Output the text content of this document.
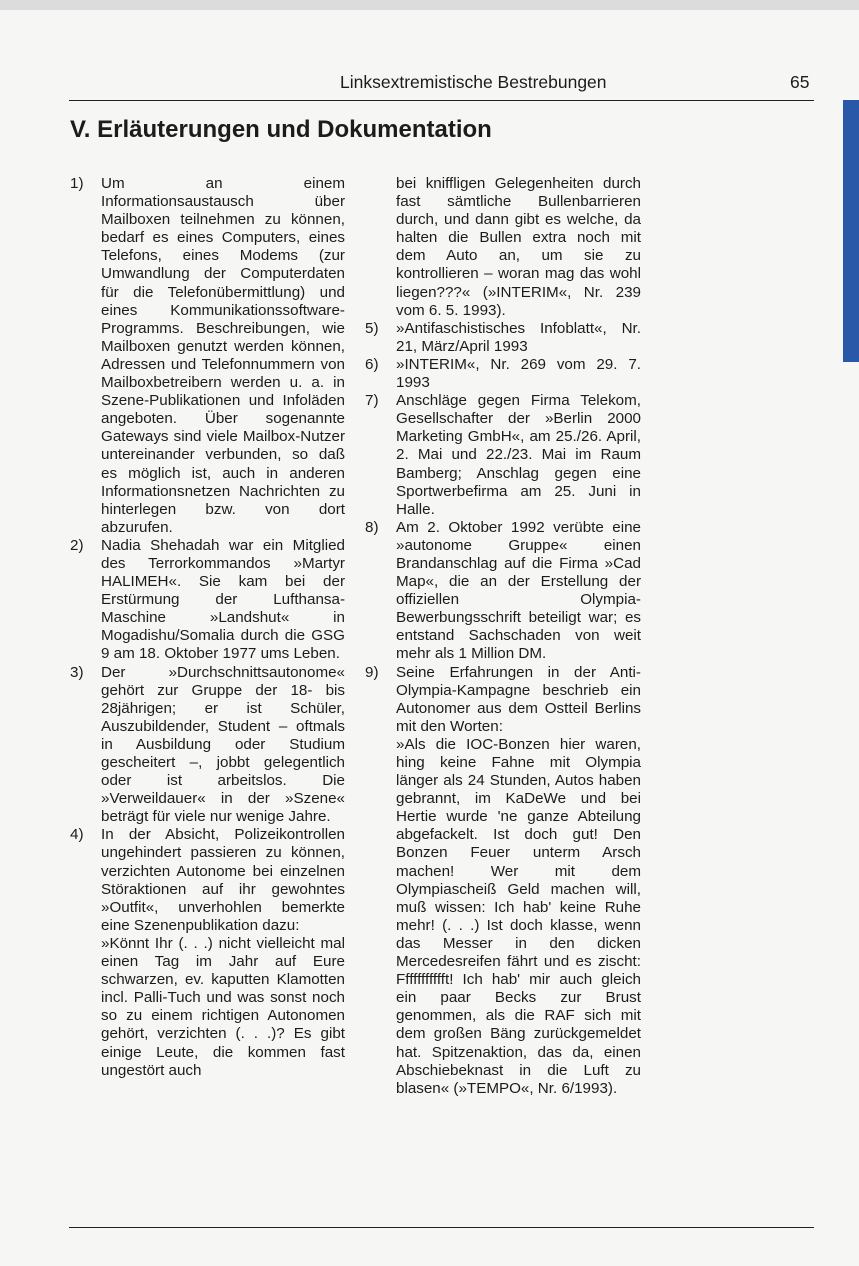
Linksextremistische Bestrebungen	65
V. Erläuterungen und Dokumentation
1) Um an einem Informationsaustausch über Mailboxen teilnehmen zu können, bedarf es eines Computers, eines Telefons, eines Modems (zur Umwandlung der Computerdaten für die Telefonübermittlung) und eines Kommunikationssoftware-Programms. Beschreibungen, wie Mailboxen genutzt werden können, Adressen und Telefonnummern von Mailboxbetreibern werden u. a. in Szene-Publikationen und Infoläden angeboten. Über sogenannte Gateways sind viele Mailbox-Nutzer untereinander verbunden, so daß es möglich ist, auch in anderen Informationsnetzen Nachrichten zu hinterlegen bzw. von dort abzurufen.

2) Nadia Shehadah war ein Mitglied des Terrorkommandos »Martyr HALIMEH«. Sie kam bei der Erstürmung der Lufthansa-Maschine »Landshut« in Mogadishu/Somalia durch die GSG 9 am 18. Oktober 1977 ums Leben.

3) Der »Durchschnittsautonome« gehört zur Gruppe der 18- bis 28jährigen; er ist Schüler, Auszubildender, Student – oftmals in Ausbildung oder Studium gescheitert –, jobbt gelegentlich oder ist arbeitslos. Die »Verweildauer« in der »Szene« beträgt für viele nur wenige Jahre.

4) In der Absicht, Polizeikontrollen ungehindert passieren zu können, verzichten Autonome bei einzelnen Störaktionen auf ihr gewohntes »Outfit«, unverhohlen bemerkte eine Szenenpublikation dazu:

»Könnt Ihr (. . .) nicht vielleicht mal einen Tag im Jahr auf Eure schwarzen, ev. kaputten Klamotten incl. Palli-Tuch und was sonst noch so zu einem richtigen Autonomen gehört, verzichten (. . .)? Es gibt einige Leute, die kommen fast ungestört auch

bei kniffligen Gelegenheiten durch fast sämtliche Bullenbarrieren durch, und dann gibt es welche, da halten die Bullen extra noch mit dem Auto an, um sie zu kontrollieren – woran mag das wohl liegen???« (»INTERIM«, Nr. 239 vom 6. 5. 1993).

5) »Antifaschistisches Infoblatt«, Nr. 21, März/April 1993

6) »INTERIM«, Nr. 269 vom 29. 7. 1993

7) Anschläge gegen Firma Telekom, Gesellschafter der »Berlin 2000 Marketing GmbH«, am 25./26. April, 2. Mai und 22./23. Mai im Raum Bamberg; Anschlag gegen eine Sportwerbefirma am 25. Juni in Halle.

8) Am 2. Oktober 1992 verübte eine »autonome Gruppe« einen Brandanschlag auf die Firma »Cad Map«, die an der Erstellung der offiziellen Olympia-Bewerbungsschrift beteiligt war; es entstand Sachschaden von weit mehr als 1 Million DM.

9) Seine Erfahrungen in der Anti-Olympia-Kampagne beschrieb ein Autonomer aus dem Ostteil Berlins mit den Worten:

»Als die IOC-Bonzen hier waren, hing keine Fahne mit Olympia länger als 24 Stunden, Autos haben gebrannt, im KaDeWe und bei Hertie wurde 'ne ganze Abteilung abgefackelt. Ist doch gut! Den Bonzen Feuer unterm Arsch machen! Wer mit dem Olympiascheiß Geld machen will, muß wissen: Ich hab' keine Ruhe mehr! (. . .) Ist doch klasse, wenn das Messer in den dicken Mercedesreifen fährt und es zischt: Ffffffffffft! Ich hab' mir auch gleich ein paar Becks zur Brust genommen, als die RAF sich mit dem großen Bäng zurückgemeldet hat. Spitzenaktion, das da, einen Abschiebeknast in die Luft zu blasen« (»TEMPO«, Nr. 6/1993).
